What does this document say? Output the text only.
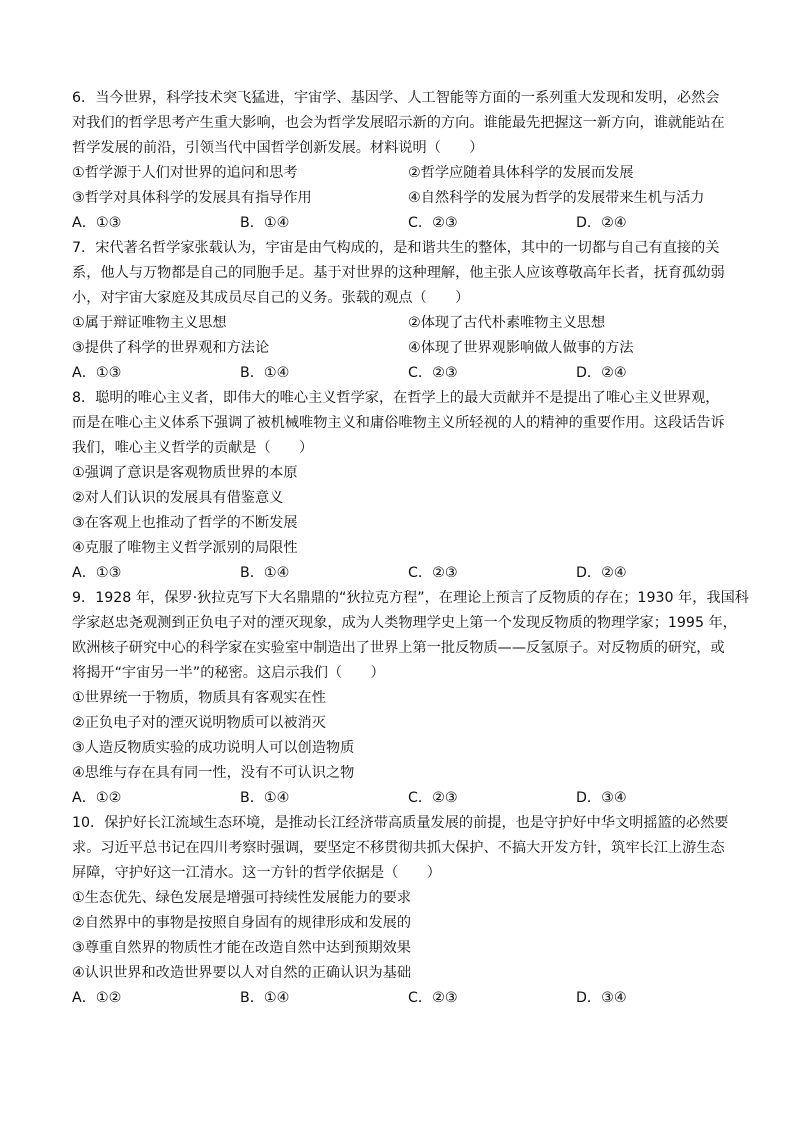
6．当今世界，科学技术突飞猛进，宇宙学、基因学、人工智能等方面的一系列重大发现和发明，必然会

对我们的哲学思考产生重大影响，也会为哲学发展昭示新的方向。谁能最先把握这一新方向，谁就能站在

哲学发展的前沿，引领当代中国哲学创新发展。材料说明（　　）

①哲学源于人们对世界的追问和思考	②哲学应随着具体科学的发展而发展
③哲学对具体科学的发展具有指导作用	④自然科学的发展为哲学的发展带来生机与活力
A．①③	B．①④	C．②③	D．②④

7．宋代著名哲学家张载认为，宇宙是由气构成的，是和谐共生的整体，其中的一切都与自己有直接的关

系，他人与万物都是自己的同胞手足。基于对世界的这种理解，他主张人应该尊敬高年长者，抚育孤幼弱

小，对宇宙大家庭及其成员尽自己的义务。张载的观点（　　）

①属于辩证唯物主义思想	②体现了古代朴素唯物主义思想
③提供了科学的世界观和方法论	④体现了世界观影响做人做事的方法
A．①③	B．①④	C．②③	D．②④

8．聪明的唯心主义者，即伟大的唯心主义哲学家，在哲学上的最大贡献并不是提出了唯心主义世界观，

而是在唯心主义体系下强调了被机械唯物主义和庸俗唯物主义所轻视的人的精神的重要作用。这段话告诉

我们，唯心主义哲学的贡献是（　　）

①强调了意识是客观物质世界的本原

②对人们认识的发展具有借鉴意义

③在客观上也推动了哲学的不断发展

④克服了唯物主义哲学派别的局限性

A．①③	B．①④	C．②③	D．②④

9．1928 年，保罗·狄拉克写下大名鼎鼎的“狄拉克方程”，在理论上预言了反物质的存在；1930 年，我国科

学家赵忠尧观测到正负电子对的湮灭现象，成为人类物理学史上第一个发现反物质的物理学家；1995 年，

欧洲核子研究中心的科学家在实验室中制造出了世界上第一批反物质——反氢原子。对反物质的研究，或

将揭开“宇宙另一半”的秘密。这启示我们（　　）

①世界统一于物质，物质具有客观实在性

②正负电子对的湮灭说明物质可以被消灭

③人造反物质实验的成功说明人可以创造物质

④思维与存在具有同一性，没有不可认识之物

A．①②	B．①④	C．②③	D．③④

10．保护好长江流域生态环境，是推动长江经济带高质量发展的前提，也是守护好中华文明摇篮的必然要

求。习近平总书记在四川考察时强调，要坚定不移贯彻共抓大保护、不搞大开发方针，筑牢长江上游生态

屏障，守护好这一江清水。这一方针的哲学依据是（　　）

①生态优先、绿色发展是增强可持续性发展能力的要求

②自然界中的事物是按照自身固有的规律形成和发展的

③尊重自然界的物质性才能在改造自然中达到预期效果

④认识世界和改造世界要以人对自然的正确认识为基础

A．①②	B．①④	C．②③	D．③④
